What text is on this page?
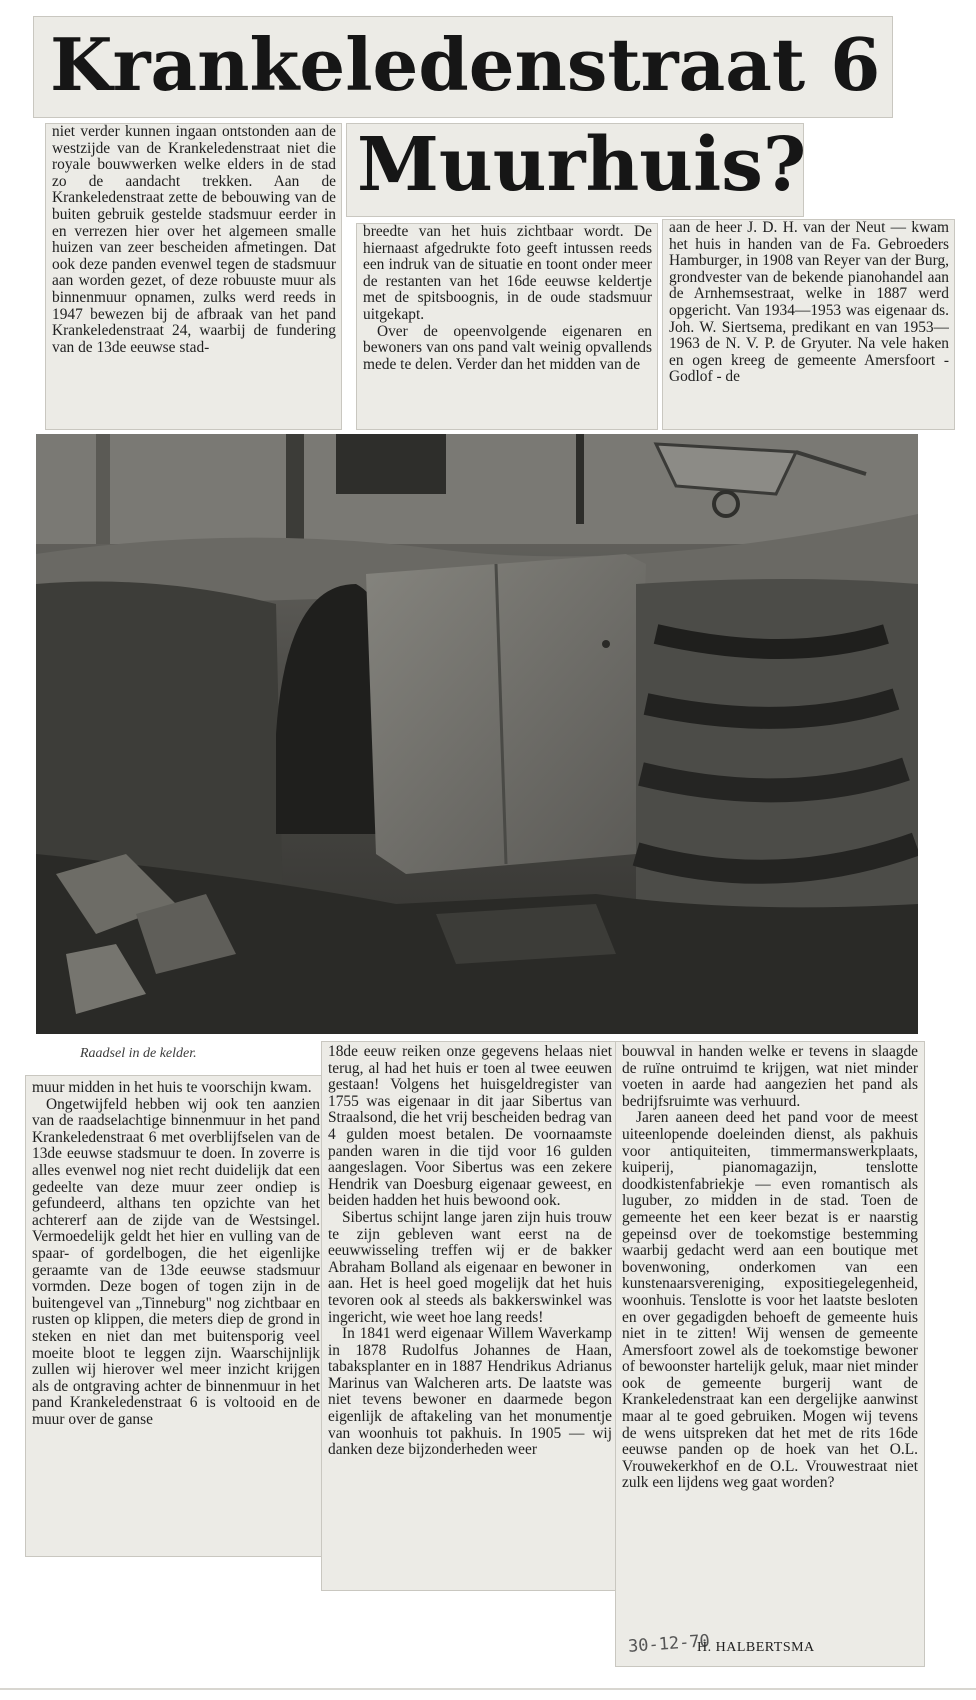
Krankeledenstraat 6
Muurhuis?

niet verder kunnen ingaan ontstonden aan de westzijde van de Krankeledenstraat niet die royale bouwwerken welke elders in de stad zo de aandacht trekken. Aan de Krankeledenstraat zette de bebouwing van de buiten gebruik gestelde stadsmuur eerder in en verrezen hier over het algemeen smalle huizen van zeer bescheiden afmetingen. Dat ook deze panden evenwel tegen de stadsmuur aan worden gezet, of deze robuuste muur als binnenmuur opnamen, zulks werd reeds in 1947 bewezen bij de afbraak van het pand Krankeledenstraat 24, waarbij de fundering van de 13de eeuwse stad-

breedte van het huis zichtbaar wordt. De hiernaast afgedrukte foto geeft intussen reeds een indruk van de situatie en toont onder meer de restanten van het 16de eeuwse keldertje met de spitsboognis, in de oude stadsmuur uitgekapt.

Over de opeenvolgende eigenaren en bewoners van ons pand valt weinig opvallends mede te delen. Verder dan het midden van de

aan de heer J. D. H. van der Neut — kwam het huis in handen van de Fa. Gebroeders Hamburger, in 1908 van Reyer van der Burg, grondvester van de bekende pianohandel aan de Arnhemsestraat, welke in 1887 werd opgericht. Van 1934—1953 was eigenaar ds. Joh. W. Siertsema, predikant en van 1953—1963 de N. V. P. de Gryuter. Na vele haken en ogen kreeg de gemeente Amersfoort - Godlof - de

Raadsel in de kelder.

muur midden in het huis te voorschijn kwam.

Ongetwijfeld hebben wij ook ten aanzien van de raadselachtige binnenmuur in het pand Krankeledenstraat 6 met overblijfselen van de 13de eeuwse stadsmuur te doen. In zoverre is alles evenwel nog niet recht duidelijk dat een gedeelte van deze muur zeer ondiep is gefundeerd, althans ten opzichte van het achtererf aan de zijde van de Westsingel. Vermoedelijk geldt het hier en vulling van de spaar- of gordelbogen, die het eigenlijke geraamte van de 13de eeuwse stadsmuur vormden. Deze bogen of togen zijn in de buitengevel van „Tinneburg" nog zichtbaar en rusten op klippen, die meters diep de grond in steken en niet dan met buitensporig veel moeite bloot te leggen zijn. Waarschijnlijk zullen wij hierover wel meer inzicht krijgen als de ontgraving achter de binnenmuur in het pand Krankeledenstraat 6 is voltooid en de muur over de ganse

18de eeuw reiken onze gegevens helaas niet terug, al had het huis er toen al twee eeuwen gestaan! Volgens het huisgeldregister van 1755 was eigenaar in dit jaar Sibertus van Straalsond, die het vrij bescheiden bedrag van 4 gulden moest betalen. De voornaamste panden waren in die tijd voor 16 gulden aangeslagen. Voor Sibertus was een zekere Hendrik van Doesburg eigenaar geweest, en beiden hadden het huis bewoond ook.

Sibertus schijnt lange jaren zijn huis trouw te zijn gebleven want eerst na de eeuwwisseling treffen wij er de bakker Abraham Bolland als eigenaar en bewoner in aan. Het is heel goed mogelijk dat het huis tevoren ook al steeds als bakkerswinkel was ingericht, wie weet hoe lang reeds!

In 1841 werd eigenaar Willem Waverkamp in 1878 Rudolfus Johannes de Haan, tabaksplanter en in 1887 Hendrikus Adrianus Marinus van Walcheren arts. De laatste was niet tevens bewoner en daarmede begon eigenlijk de aftakeling van het monumentje van woonhuis tot pakhuis. In 1905 — wij danken deze bijzonderheden weer

bouwval in handen welke er tevens in slaagde de ruïne ontruimd te krijgen, wat niet minder voeten in aarde had aangezien het pand als bedrijfsruimte was verhuurd.

Jaren aaneen deed het pand voor de meest uiteenlopende doeleinden dienst, als pakhuis voor antiquiteiten, timmermanswerkplaats, kuiperij, pianomagazijn, tenslotte doodkistenfabriekje — even romantisch als luguber, zo midden in de stad. Toen de gemeente het een keer bezat is er naarstig gepeinsd over de toekomstige bestemming waarbij gedacht werd aan een boutique met bovenwoning, onderkomen van een kunstenaarsvereniging, expositiegelegenheid, woonhuis. Tenslotte is voor het laatste besloten en over gegadigden behoeft de gemeente huis niet in te zitten! Wij wensen de gemeente Amersfoort zowel als de toekomstige bewoner of bewoonster hartelijk geluk, maar niet minder ook de gemeente burgerij want de Krankeledenstraat kan een dergelijke aanwinst maar al te goed gebruiken. Mogen wij tevens de wens uitspreken dat het met de rits 16de eeuwse panden op de hoek van het O.L. Vrouwekerkhof en de O.L. Vrouwestraat niet zulk een lijdens weg gaat worden?

30-12-70
H. HALBERTSMA
